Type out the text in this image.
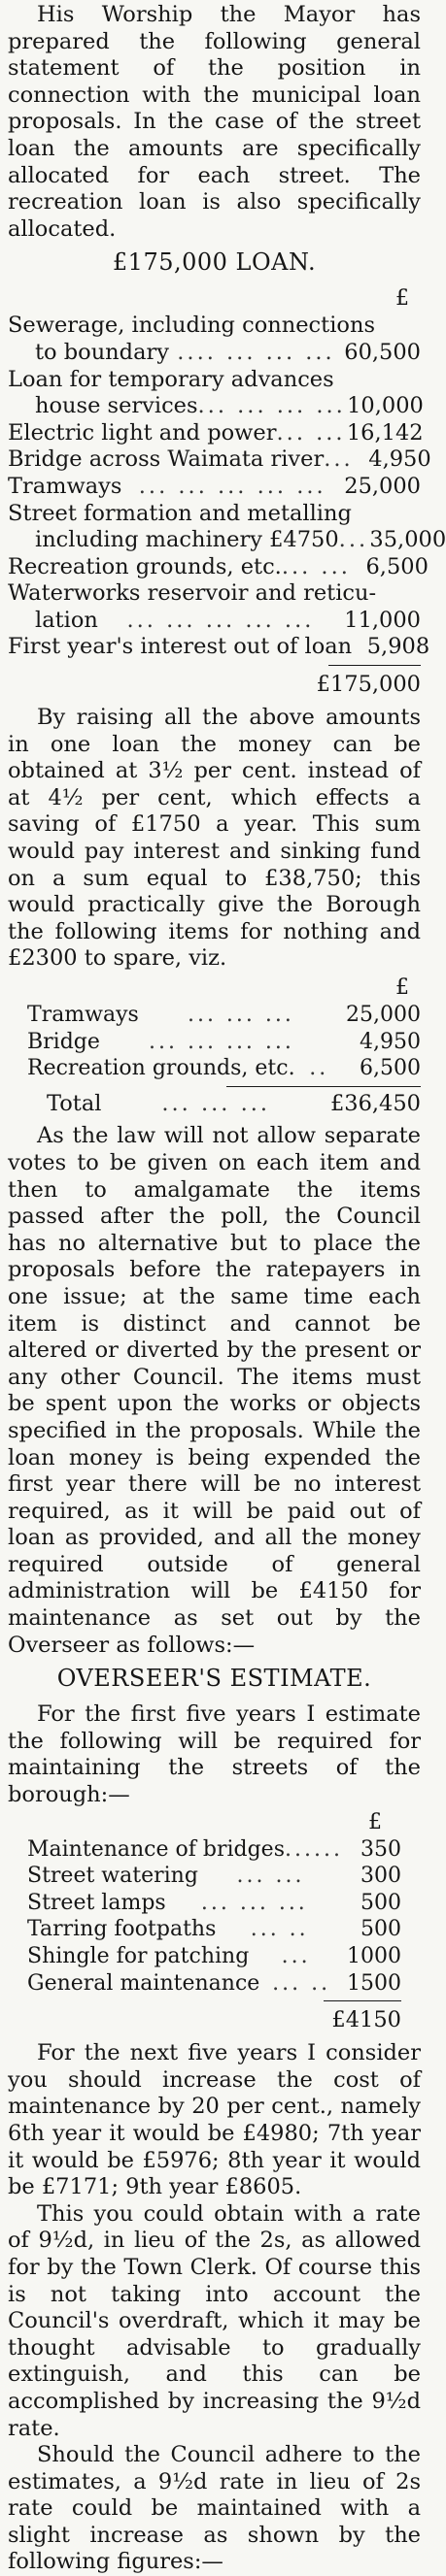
His Worship the Mayor has prepared the following general statement of the position in connection with the municipal loan proposals. In the case of the street loan the amounts are specifically allocated for each street. The recreation loan is also specifically allocated.

£175,000 LOAN.
£
Sewerage, including connections
to boundary .... ... ... ... 60,500
Loan for temporary advances
house services ... ... ... ... 10,000
Electric light and power ... ... 16,142
Bridge across Waimata river ... 4,950
Tramways ... ... ... ... ... 25,000
Street formation and metalling
including machinery £4750 ... 35,000
Recreation grounds, etc. ... ... 6,500
Waterworks reservoir and reticu-
lation	... ... ... ... ...	11,000
First year's interest out of loan 5,908
£175,000

By raising all the above amounts in one loan the money can be obtained at 3½ per cent. instead of at 4½ per cent, which effects a saving of £1750 a year. This sum would pay interest and sinking fund on a sum equal to £38,750; this would practically give the Borough the following items for nothing and £2300 to spare, viz.

£
Tramways	... ... ...	25,000
Bridge	... ... ... ...	4,950
Recreation grounds, etc. ..	6,500
Total	... ... ...	£36,450

As the law will not allow separate votes to be given on each item and then to amalgamate the items passed after the poll, the Council has no alternative but to place the proposals before the ratepayers in one issue; at the same time each item is distinct and cannot be altered or diverted by the present or any other Council. The items must be spent upon the works or objects specified in the proposals. While the loan money is being expended the first year there will be no interest required, as it will be paid out of loan as provided, and all the money required outside of general administration will be £4150 for maintenance as set out by the Overseer as follows:—

OVERSEER'S ESTIMATE.

For the first five years I estimate the following will be required for maintaining the streets of the borough:—

£
Maintenance of bridges ...... 350
Street watering	... ...	300
Street lamps	... ... ...	500
Tarring footpaths	... ..	500
Shingle for patching	...	1000
General maintenance ... .. 1500
£4150

For the next five years I consider you should increase the cost of maintenance by 20 per cent., namely 6th year it would be £4980; 7th year it would be £5976; 8th year it would be £7171; 9th year £8605.

This you could obtain with a rate of 9½d, in lieu of the 2s, as allowed for by the Town Clerk. Of course this is not taking into account the Council's overdraft, which it may be thought advisable to gradually extinguish, and this can be accomplished by increasing the 9½d rate.

Should the Council adhere to the estimates, a 9½d rate in lieu of 2s rate could be maintained with a slight increase as shown by the following figures:—
